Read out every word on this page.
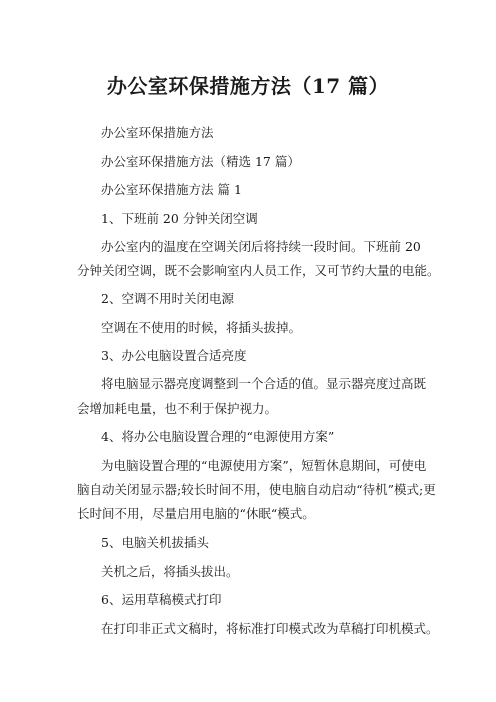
办公室环保措施方法（17 篇）
办公室环保措施方法
办公室环保措施方法（精选 17 篇）
办公室环保措施方法 篇 1
1、下班前 20 分钟关闭空调
办公室内的温度在空调关闭后将持续一段时间。下班前 20
分钟关闭空调，既不会影响室内人员工作，又可节约大量的电能。
2、空调不用时关闭电源
空调在不使用的时候，将插头拔掉。
3、办公电脑设置合适亮度
将电脑显示器亮度调整到一个合适的值。显示器亮度过高既
会增加耗电量，也不利于保护视力。
4、将办公电脑设置合理的“电源使用方案”
为电脑设置合理的“电源使用方案”，短暂休息期间，可使电
脑自动关闭显示器;较长时间不用，使电脑自动启动“待机”模式;更
长时间不用，尽量启用电脑的“休眠“模式。
5、电脑关机拔插头
关机之后，将插头拔出。
6、运用草稿模式打印
在打印非正式文稿时，将标准打印模式改为草稿打印机模式。
